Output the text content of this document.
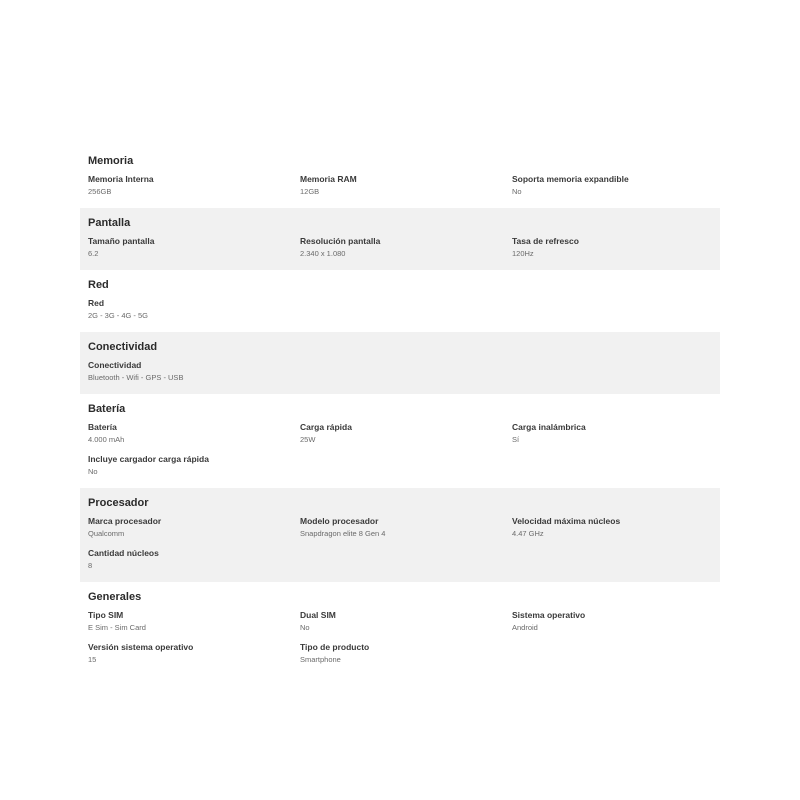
Memoria
Memoria Interna
256GB
Memoria RAM
12GB
Soporta memoria expandible
No
Pantalla
Tamaño pantalla
6.2
Resolución pantalla
2.340 x 1.080
Tasa de refresco
120Hz
Red
Red
2G - 3G - 4G - 5G
Conectividad
Conectividad
Bluetooth - Wifi - GPS - USB
Batería
Batería
4.000 mAh
Carga rápida
25W
Carga inalámbrica
Sí
Incluye cargador carga rápida
No
Procesador
Marca procesador
Qualcomm
Modelo procesador
Snapdragon elite 8 Gen 4
Velocidad máxima núcleos
4.47 GHz
Cantidad núcleos
8
Generales
Tipo SIM
E Sim - Sim Card
Dual SIM
No
Sistema operativo
Android
Versión sistema operativo
15
Tipo de producto
Smartphone
